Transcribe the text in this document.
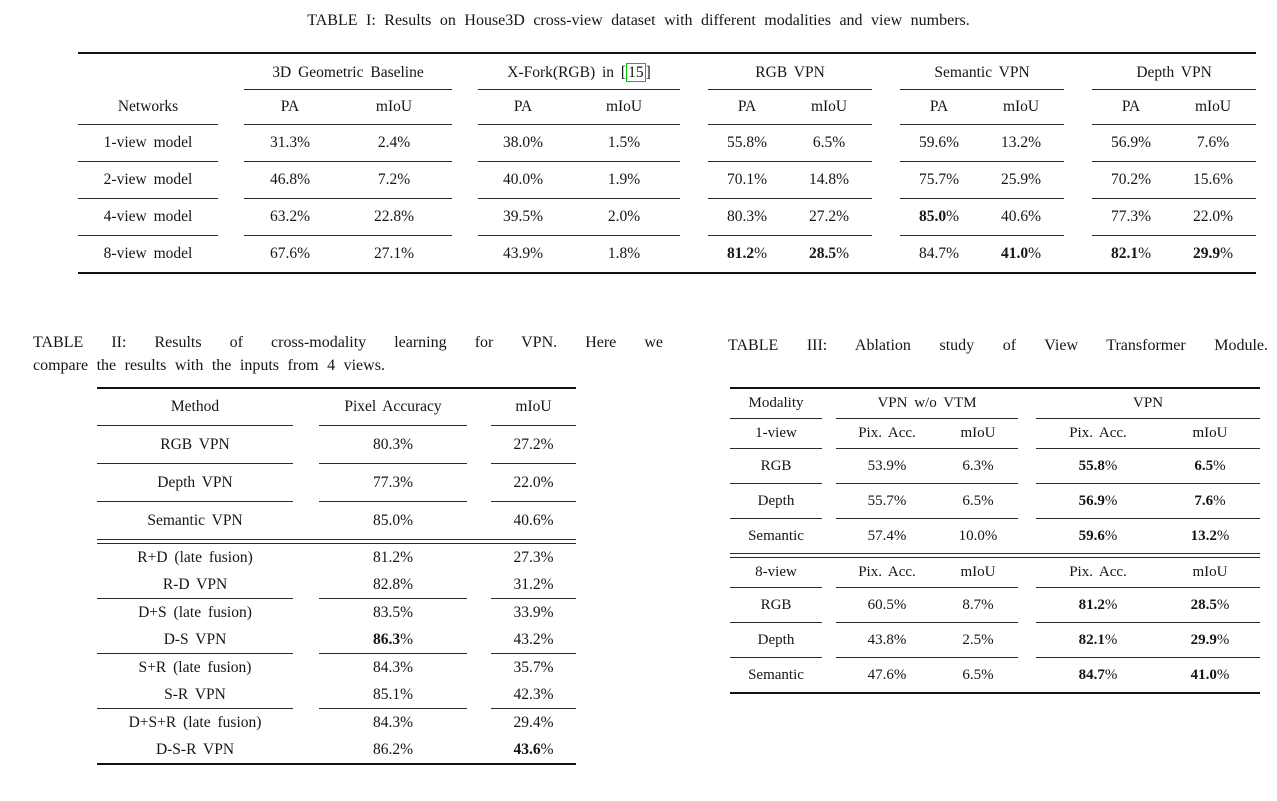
TABLE I: Results on House3D cross-view dataset with different modalities and view numbers.
		3D Geometric Baseline			X-Fork(RGB) in [ 15 ]			RGB VPN			Semantic VPN			Depth VPN	
Networks		PA	mIoU		PA	mIoU		PA	mIoU		PA	mIoU		PA	mIoU
1-view model		31.3%	2.4%		38.0%	1.5%		55.8%	6.5%		59.6%	13.2%		56.9%	7.6%
2-view model		46.8%	7.2%		40.0%	1.9%		70.1%	14.8%		75.7%	25.9%		70.2%	15.6%
4-view model		63.2%	22.8%		39.5%	2.0%		80.3%	27.2%		85.0%	40.6%		77.3%	22.0%
8-view model		67.6%	27.1%		43.9%	1.8%		81.2%	28.5%		84.7%	41.0%		82.1%	29.9%
TABLE II: Results of cross-modality learning for VPN. Here we
compare the results with the inputs from 4 views.
Method		Pixel Accuracy		mIoU
RGB VPN		80.3%		27.2%
Depth VPN		77.3%		22.0%
Semantic VPN		85.0%		40.6%

R+D (late fusion)		81.2%		27.3%
R-D VPN		82.8%		31.2%
D+S (late fusion)		83.5%		33.9%
D-S VPN		86.3%		43.2%
S+R (late fusion)		84.3%		35.7%
S-R VPN		85.1%		42.3%
D+S+R (late fusion)		84.3%		29.4%
D-S-R VPN		86.2%		43.6%
TABLE III: Ablation study of View Transformer Module.
Modality		VPN w/o VTM			VPN	
1-view		Pix. Acc.	mIoU		Pix. Acc.	mIoU
RGB		53.9%	6.3%		55.8%	6.5%
Depth		55.7%	6.5%		56.9%	7.6%
Semantic		57.4%	10.0%		59.6%	13.2%

8-view		Pix. Acc.	mIoU		Pix. Acc.	mIoU
RGB		60.5%	8.7%		81.2%	28.5%
Depth		43.8%	2.5%		82.1%	29.9%
Semantic		47.6%	6.5%		84.7%	41.0%
